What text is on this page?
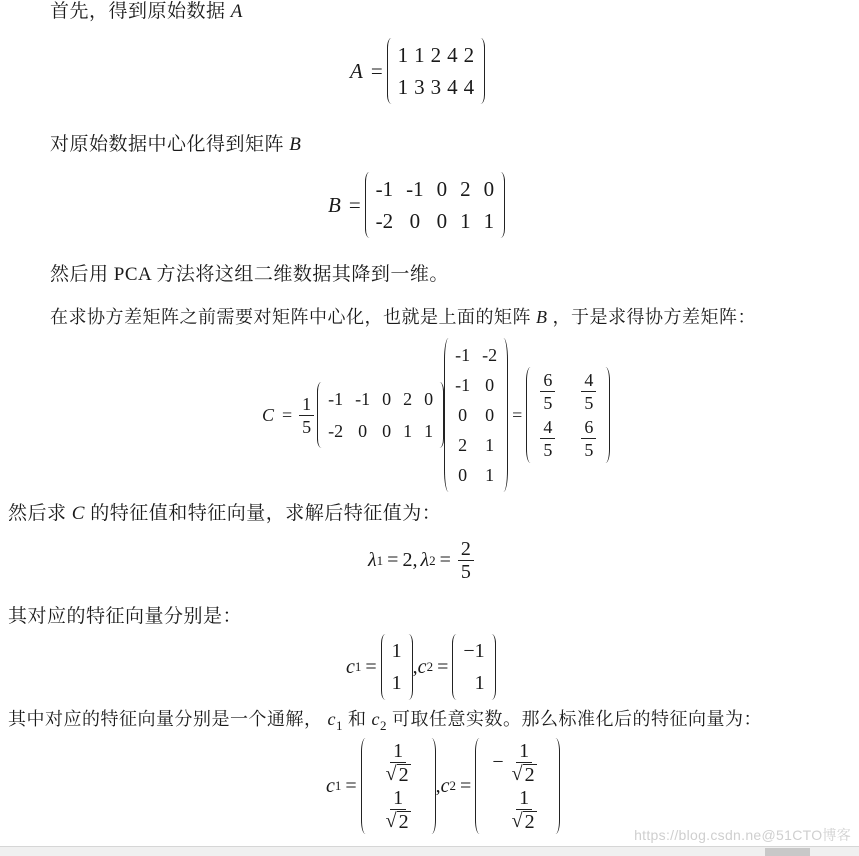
首先，得到原始数据 A
A =
1 1 2 4 2
1 3 3 4 4
对原始数据中心化得到矩阵 B
B =
-1 -1 0 2 0
-2 0 0 1 1
然后用 PCA 方法将这组二维数据其降到一维。
在求协方差矩阵之前需要对矩阵中心化，也就是上面的矩阵 B ，于是求得协方差矩阵：
$C = \frac{1}{5} -1$ -1 0 2 0
-2 0 0 1 1
-1 -2
-1 0
0 0
2 1
0 1
=
$\frac{6}{5} \frac{4}{5}$
$\frac{4}{5} \frac{6}{5}$
然后求 C 的特征值和特征向量，求解后特征值为：
λ 1 = 2 , λ $2 = \frac{2}{5}$
其对应的特征向量分别是：
c 1 =
1
1
, c 2 =
−1
1
其中对应的特征向量分别是一个通解， $c_1$ 和 $c_2$ 可取任意实数。那么标准化后的特征向量为：
c 1 =
$\frac{1}{√ 2}$
$\frac{1}{√ 2}$
, c 2 =
− $\frac{1}{√ 2}$
$\frac{1}{√ 2}$
https://blog.csdn.ne@51CTO博客
